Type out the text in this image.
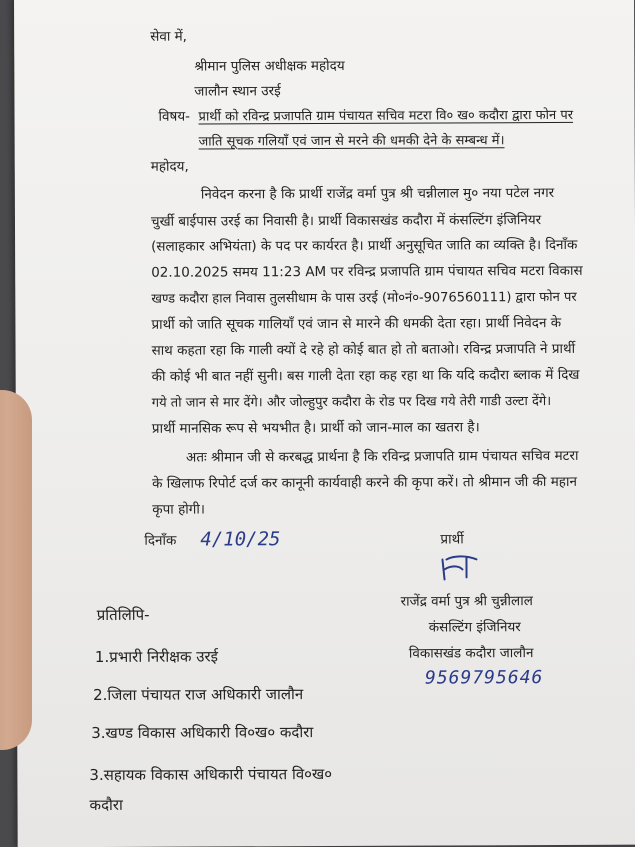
सेवा में,
श्रीमान पुलिस अधीक्षक महोदय
जालौन स्थान उरई
विषय- प्रार्थी को रविन्द्र प्रजापति ग्राम पंचायत सचिव मटरा वि० ख० कदौरा द्वारा फोन पर
जाति सूचक गलियाँ एवं जान से मरने की धमकी देने के सम्बन्ध में।
महोदय,
निवेदन करना है कि प्रार्थी राजेंद्र वर्मा पुत्र श्री चन्नीलाल मु० नया पटेल नगर
चुर्खी बाईपास उरई का निवासी है। प्रार्थी विकासखंड कदौरा में कंसल्टिंग इंजिनियर
(सलाहकार अभियंता) के पद पर कार्यरत है। प्रार्थी अनुसूचित जाति का व्यक्ति है। दिनाँक
02.10.2025 समय 11:23 AM पर रविन्द्र प्रजापति ग्राम पंचायत सचिव मटरा विकास
खण्ड कदौरा हाल निवास तुलसीधाम के पास उरई (मो०नं०-9076560111) द्वारा फोन पर
प्रार्थी को जाति सूचक गालियाँ एवं जान से मारने की धमकी देता रहा। प्रार्थी निवेदन के
साथ कहता रहा कि गाली क्यों दे रहे हो कोई बात हो तो बताओ। रविन्द्र प्रजापति ने प्रार्थी
की कोई भी बात नहीं सुनी। बस गाली देता रहा कह रहा था कि यदि कदौरा ब्लाक में दिख
गये तो जान से मार देंगे। और जोल्हुपुर कदौरा के रोड पर दिख गये तेरी गाडी उल्टा देंगे।
प्रार्थी मानसिक रूप से भयभीत है। प्रार्थी को जान-माल का खतरा है।
अतः श्रीमान जी से करबद्ध प्रार्थना है कि रविन्द्र प्रजापति ग्राम पंचायत सचिव मटरा
के खिलाफ रिपोर्ट दर्ज कर कानूनी कार्यवाही करने की कृपा करें। तो श्रीमान जी की महान
कृपा होगी।
दिनाँक 4/10/25	प्रार्थी
राजेंद्र वर्मा पुत्र श्री चुन्नीलाल
कंसल्टिंग इंजिनियर
विकासखंड कदौरा जालौन
9569795646
प्रतिलिपि-
1.प्रभारी निरीक्षक उरई
2.जिला पंचायत राज अधिकारी जालौन
3.खण्ड विकास अधिकारी वि०ख० कदौरा
3.सहायक विकास अधिकारी पंचायत वि०ख०
कदौरा
